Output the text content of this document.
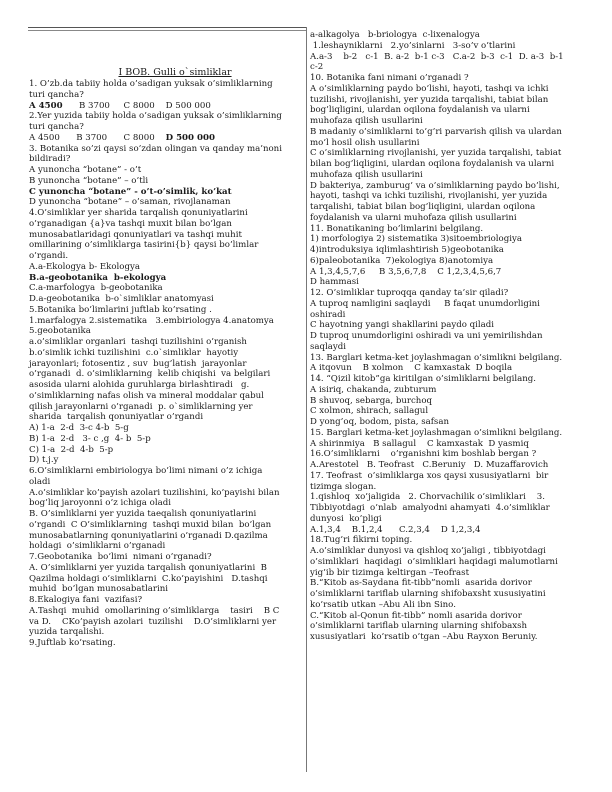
I BOB. Gulli o`simliklar
1. O’zb.da tabiiy holda o’sadigan yuksak o’simliklarning
turi qancha?
A 4500      B 3700     C 8000    D 500 000
2.Yer yuzida tabiiy holda o’sadigan yuksak o’simliklarning
turi qancha?
A 4500      B 3700      C 8000    D 500 000
3. Botanika so’zi qaysi so’zdan olingan va qanday ma’noni
bildiradi?
A yunoncha “botane” - o’t
B yunoncha “botane” – o’tli
C yunoncha “botane” - o’t-o’simlik, ko’kat
D yunoncha “botane” – o’saman, rivojlanaman
4.O’simliklar yer sharida tarqalish qonuniyatlarini
o’rganadigan {a}va tashqi muxit bilan bo’lgan
munosabatlaridagi qonuniyatlari va tashqi muhit
omillarining o’simliklarga tasirini{b} qaysi bo’limlar
o’rgandi.
A.a-Ekologya b- Ekologya
B.a-geobotanika  b-ekologya
C.a-marfologya  b-geobotanika
D.a-geobotanika  b-o`simliklar anatomyasi
5.Botanika bo’limlarini juftlab ko’rsating .
1.marfalogya 2.sistematika   3.embiriologya 4.anatomya
5.geobotanika
a.o’simliklar organlari  tashqi tuzilishini o’rganish
b.o’simlik ichki tuzilishini  c.o`simliklar  hayotiy
jarayonlari; fotosentiz , suv  bug’latish  jarayonlar
o’rganadi  d. o’simliklarning  kelib chiqishi  va belgilari
asosida ularni alohida guruhlarga birlashtiradi   g.
o’simliklarning nafas olish va mineral moddalar qabul
qilish jarayonlarni o’rganadi  p. o`simliklarning yer
sharida  tarqalish qonuniyatlar o’rgandi
A) 1-a  2-d  3-c 4-b  5-g
B) 1-a  2-d   3- c ,g  4- b  5-p
C) 1-a  2-d  4-b  5-p
D) t.j.y
6.O’simliklarni embiriologya bo’limi nimani o’z ichiga
oladi
A.o’simliklar ko’payish azolari tuzilishini, ko’payishi bilan
bog’liq jaroyonni o’z ichiga oladi
B. O’simliklarni yer yuzida taeqalish qonuniyatlarini
o’rgandi  C O’simliklarning  tashqi muxid bilan  bo’lgan
munosabatlarning qonuniyatlarini o’rganadi D.qazilma
holdagi  o’simliklarni o’rganadi
7.Geobotanika  bo’limi  nimani o’rganadi?
A. O’simliklarni yer yuzida tarqalish qonuniyatlarini  B
Qazilma holdagi o’simliklarni  C.ko’payishini   D.tashqi
muhid  bo’lgan munosabatlarini
8.Ekalogiya fani  vazifasi?
A.Tashqi  muhid  omollarining o’simliklarga    tasiri    B C
va D.    CKo’payish azolari  tuzilishi    D.O’simliklarni yer
yuzida tarqalishi.
9.Juftlab ko’rsating.
a-alkagolya   b-briologya  c-lixenalogya
1.leshayniklarni   2.yo’sinlarni   3-so’v o’tlarini
A.a-3    b-2   c-1  B. a-2  b-1 c-3   C.a-2  b-3  c-1  D. a-3  b-1
c-2
10. Botanika fani nimani o’rganadi ?
A o’simliklarning paydo bo’lishi, hayoti, tashqi va ichki
tuzilishi, rivojlanishi, yer yuzida tarqalishi, tabiat bilan
bog’liqligini, ulardan oqilona foydalanish va ularni
muhofaza qilish usullarini
B madaniy o’simliklarni to’g’ri parvarish qilish va ulardan
mo’l hosil olish usullarini
C o’simliklarning rivojlanishi, yer yuzida tarqalishi, tabiat
bilan bog’liqligini, ulardan oqilona foydalanish va ularni
muhofaza qilish usullarini
D bakteriya, zamburug’ va o’simliklarning paydo bo’lishi,
hayoti, tashqi va ichki tuzilishi, rivojlanishi, yer yuzida
tarqalishi, tabiat bilan bog’liqligini, ulardan oqilona
foydalanish va ularni muhofaza qilish usullarini
11. Bonatikaning bo’limlarini belgilang.
1) morfologiya 2) sistematika 3)sitoembriologiya
4)introduksiya iqlimlashtirish 5)geobotanika
6)paleobotanika  7)ekologiya 8)anotomiya
A 1,3,4,5,7,6     B 3,5,6,7,8    C 1,2,3,4,5,6,7
D hammasi
12. O’simliklar tuproqqa qanday ta’sir qiladi?
A tuproq namligini saqlaydi     B faqat unumdorligini
oshiradi
C hayotning yangi shakllarini paydo qiladi
D tuproq unumdorligini oshiradi va uni yemirilishdan
saqlaydi
13. Barglari ketma-ket joylashmagan o’simlikni belgilang.
A itqovun    B xolmon    C kamxastak  D boqila
14. “Qizil kitob”ga kiritilgan o’simliklarni belgilang.
A isiriq, chakanda, zubturum
B shuvoq, sebarga, burchoq
C xolmon, shirach, sallagul
D yong’oq, bodom, pista, safsan
15. Barglari ketma-ket joylashmagan o’simlikni belgilang.
A shirinmiya   B sallagul    C kamxastak  D yasmiq
16.O’simliklarni    o’rganishni kim boshlab bergan ?
A.Arestotel   B. Teofrast   C.Beruniy   D. Muzaffarovich
17. Teofrast  o’simliklarga xos qaysi xususiyatlarni  bir
tizimga slogan.
1.qishloq  xo’jaligida   2. Chorvachilik o’simliklari    3.
Tibbiyotdagi  o’nlab  amalyodni ahamyati  4.o’simliklar
dunyosi  ko’pligi
A.1,3,4    B.1,2,4      C.2,3,4    D 1,2,3,4
18.Tug’ri fikirni toping.
A.o’simliklar dunyosi va qishloq xo’jaligi , tibbiyotdagi
o’simliklari  haqidagi  o’simliklari haqidagi malumotlarni
yig’ib bir tizimga keltirgan –Teofrast
B.“Kitob as-Saydana fit-tibb”nomli  asarida dorivor
o’simliklarni tariflab ularning shifobaxsht xususiyatini
ko’rsatib utkan –Abu Ali ibn Sino.
C.“Kitob al-Qonun fit-tibb” nomli asarida dorivor
o’simliklarni tariflab ularning ularning shifobaxsh
xususiyatlari  ko’rsatib o’tgan –Abu Rayxon Beruniy.
